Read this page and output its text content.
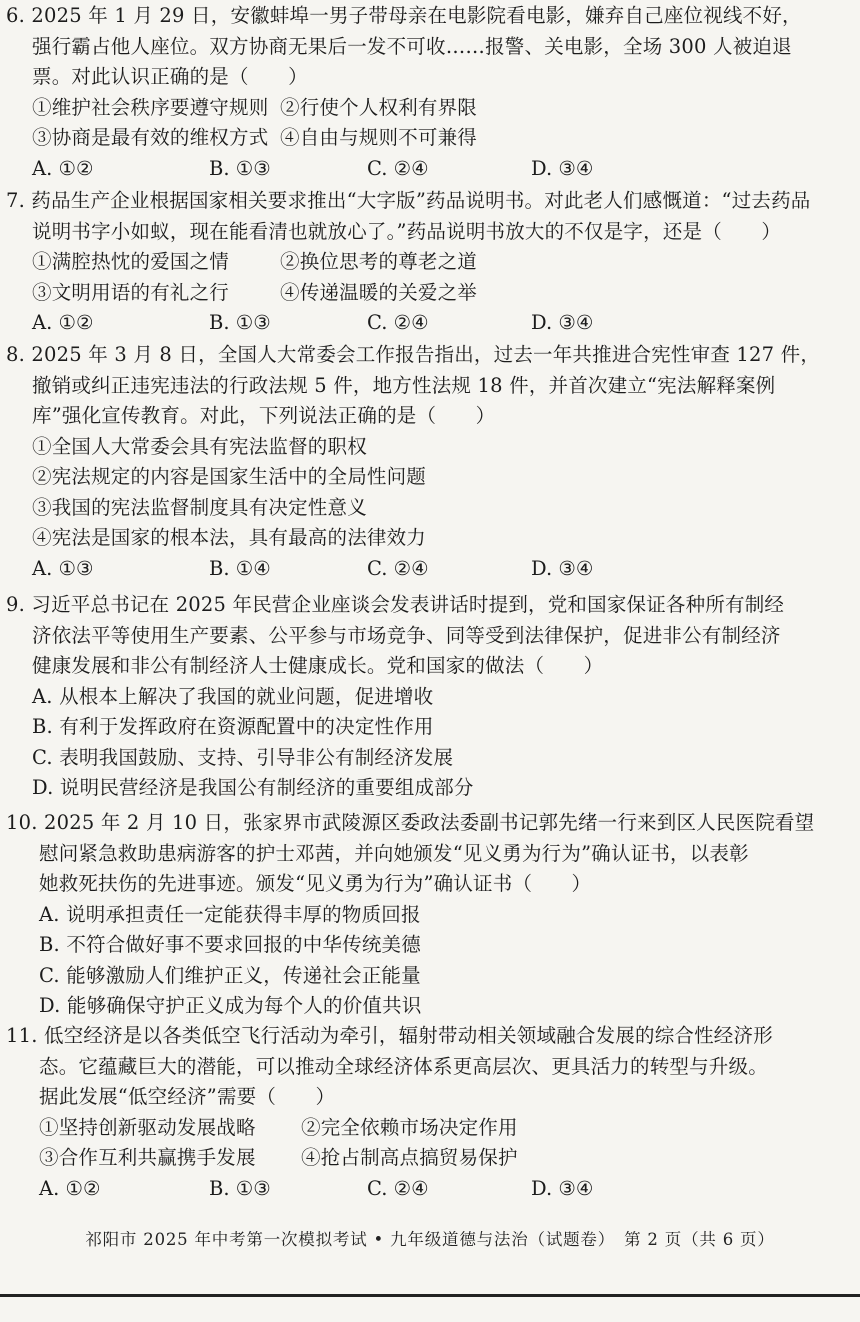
6. 2025 年 1 月 29 日，安徽蚌埠一男子带母亲在电影院看电影，嫌弃自己座位视线不好，
强行霸占他人座位。双方协商无果后一发不可收……报警、关电影，全场 300 人被迫退
票。对此认识正确的是（　　）
①维护社会秩序要遵守规则 ②行使个人权利有界限
③协商是最有效的维权方式 ④自由与规则不可兼得
A. ①②	B. ①③	C. ②④	D. ③④
7. 药品生产企业根据国家相关要求推出“大字版”药品说明书。对此老人们感慨道：“过去药品
说明书字小如蚁，现在能看清也就放心了。”药品说明书放大的不仅是字，还是（　　）
①满腔热忱的爱国之情	②换位思考的尊老之道
③文明用语的有礼之行	④传递温暖的关爱之举
A. ①②	B. ①③	C. ②④	D. ③④
8. 2025 年 3 月 8 日，全国人大常委会工作报告指出，过去一年共推进合宪性审查 127 件，
撤销或纠正违宪违法的行政法规 5 件，地方性法规 18 件，并首次建立“宪法解释案例
库”强化宣传教育。对此，下列说法正确的是（　　）
①全国人大常委会具有宪法监督的职权
②宪法规定的内容是国家生活中的全局性问题
③我国的宪法监督制度具有决定性意义
④宪法是国家的根本法，具有最高的法律效力
A. ①③	B. ①④	C. ②④	D. ③④
9. 习近平总书记在 2025 年民营企业座谈会发表讲话时提到，党和国家保证各种所有制经
济依法平等使用生产要素、公平参与市场竞争、同等受到法律保护，促进非公有制经济
健康发展和非公有制经济人士健康成长。党和国家的做法（　　）
A. 从根本上解决了我国的就业问题，促进增收
B. 有利于发挥政府在资源配置中的决定性作用
C. 表明我国鼓励、支持、引导非公有制经济发展
D. 说明民营经济是我国公有制经济的重要组成部分
10. 2025 年 2 月 10 日，张家界市武陵源区委政法委副书记郭先绪一行来到区人民医院看望
慰问紧急救助患病游客的护士邓茜，并向她颁发“见义勇为行为”确认证书，以表彰
她救死扶伤的先进事迹。颁发“见义勇为行为”确认证书（　　）
A. 说明承担责任一定能获得丰厚的物质回报
B. 不符合做好事不要求回报的中华传统美德
C. 能够激励人们维护正义，传递社会正能量
D. 能够确保守护正义成为每个人的价值共识
11. 低空经济是以各类低空飞行活动为牵引，辐射带动相关领域融合发展的综合性经济形
态。它蕴藏巨大的潜能，可以推动全球经济体系更高层次、更具活力的转型与升级。
据此发展“低空经济”需要（　　）
①坚持创新驱动发展战略	②完全依赖市场决定作用
③合作互利共赢携手发展	④抢占制高点搞贸易保护
A. ①②	B. ①③	C. ②④	D. ③④
祁阳市 2025 年中考第一次模拟考试 • 九年级道德与法治（试题卷）　第 2 页（共 6 页）
